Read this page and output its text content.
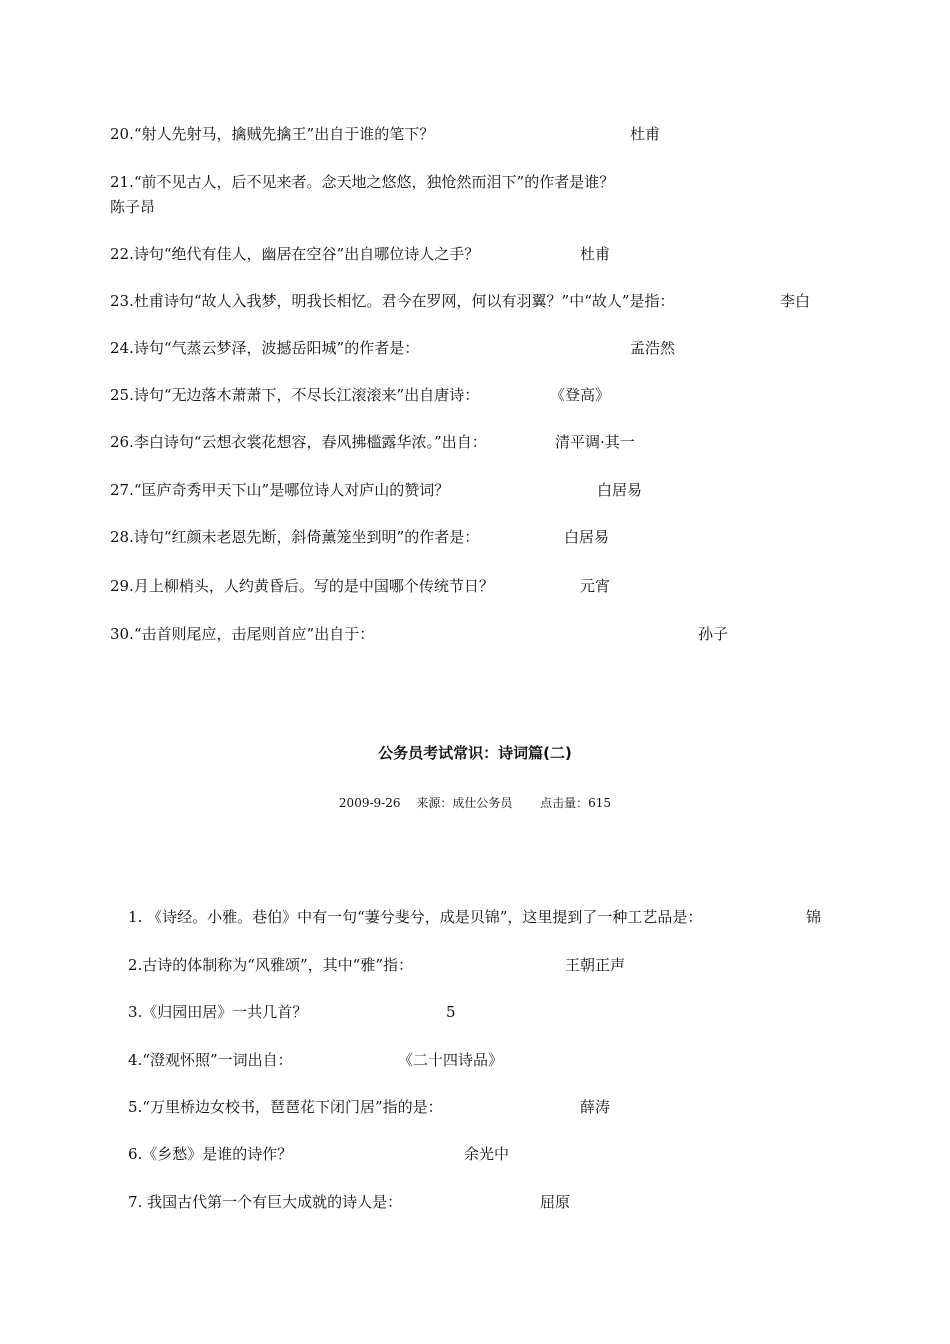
20.“射人先射马，擒贼先擒王”出自于谁的笔下？	杜甫
21.“前不见古人，后不见来者。念天地之悠悠，独怆然而泪下”的作者是谁？
陈子昂
22.诗句“绝代有佳人，幽居在空谷”出自哪位诗人之手？	杜甫
23.杜甫诗句“故人入我梦，明我长相忆。君今在罗网，何以有羽翼？”中“故人”是指：	李白
24.诗句“气蒸云梦泽，波撼岳阳城”的作者是：	孟浩然
25.诗句“无边落木萧萧下，不尽长江滚滚来”出自唐诗：	《登高》
26.李白诗句“云想衣裳花想容，春风拂槛露华浓。”出自：	清平调·其一
27.“匡庐奇秀甲天下山”是哪位诗人对庐山的赞词？	白居易
28.诗句“红颜未老恩先断，斜倚薰笼坐到明”的作者是：	白居易
29.月上柳梢头，人约黄昏后。写的是中国哪个传统节日？	元宵
30.“击首则尾应，击尾则首应”出自于：	孙子
公务员考试常识：诗词篇(二)
2009-9-26 来源：成仕公务员 点击量：615
1. 《诗经。小雅。巷伯》中有一句“萋兮斐兮，成是贝锦”，这里提到了一种工艺品是：	锦
2.古诗的体制称为“风雅颂”，其中“雅”指：	王朝正声
3.《归园田居》一共几首？	5
4.“澄观怀照”一词出自：	《二十四诗品》
5.“万里桥边女校书，琶琶花下闭门居”指的是：	薛涛
6.《乡愁》是谁的诗作？	余光中
7. 我国古代第一个有巨大成就的诗人是：	屈原
